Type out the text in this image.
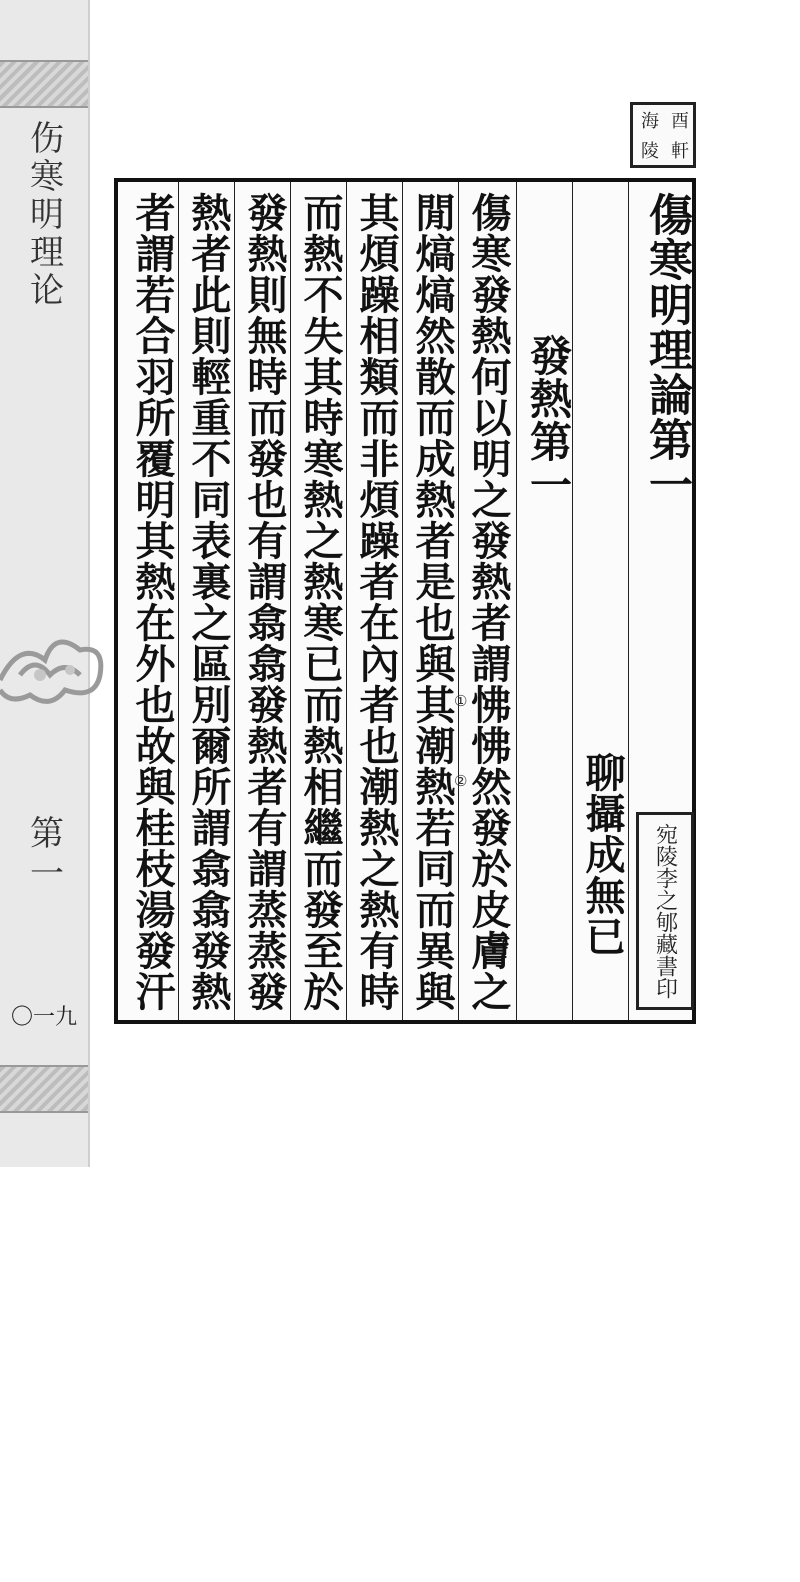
伤寒明理论
第一
〇一九
酉
軒
海
陵
傷寒明理論第一
聊攝成無已
發熱第一
傷寒發熱何以明之發熱者謂怫怫然發於皮膚之
閒熇熇然散而成熱者是也與其潮熱若同而異與
其煩躁相類而非煩躁者在內者也潮熱之熱有時
而熱不失其時寒熱之熱寒已而熱相繼而發至於
發熱則無時而發也有謂翕翕發熱者有謂蒸蒸發
熱者此則輕重不同表裏之區別爾所謂翕翕發熱
者謂若合羽所覆明其熱在外也故與桂枝湯發汗	①
②
宛陵李之郇藏書印
